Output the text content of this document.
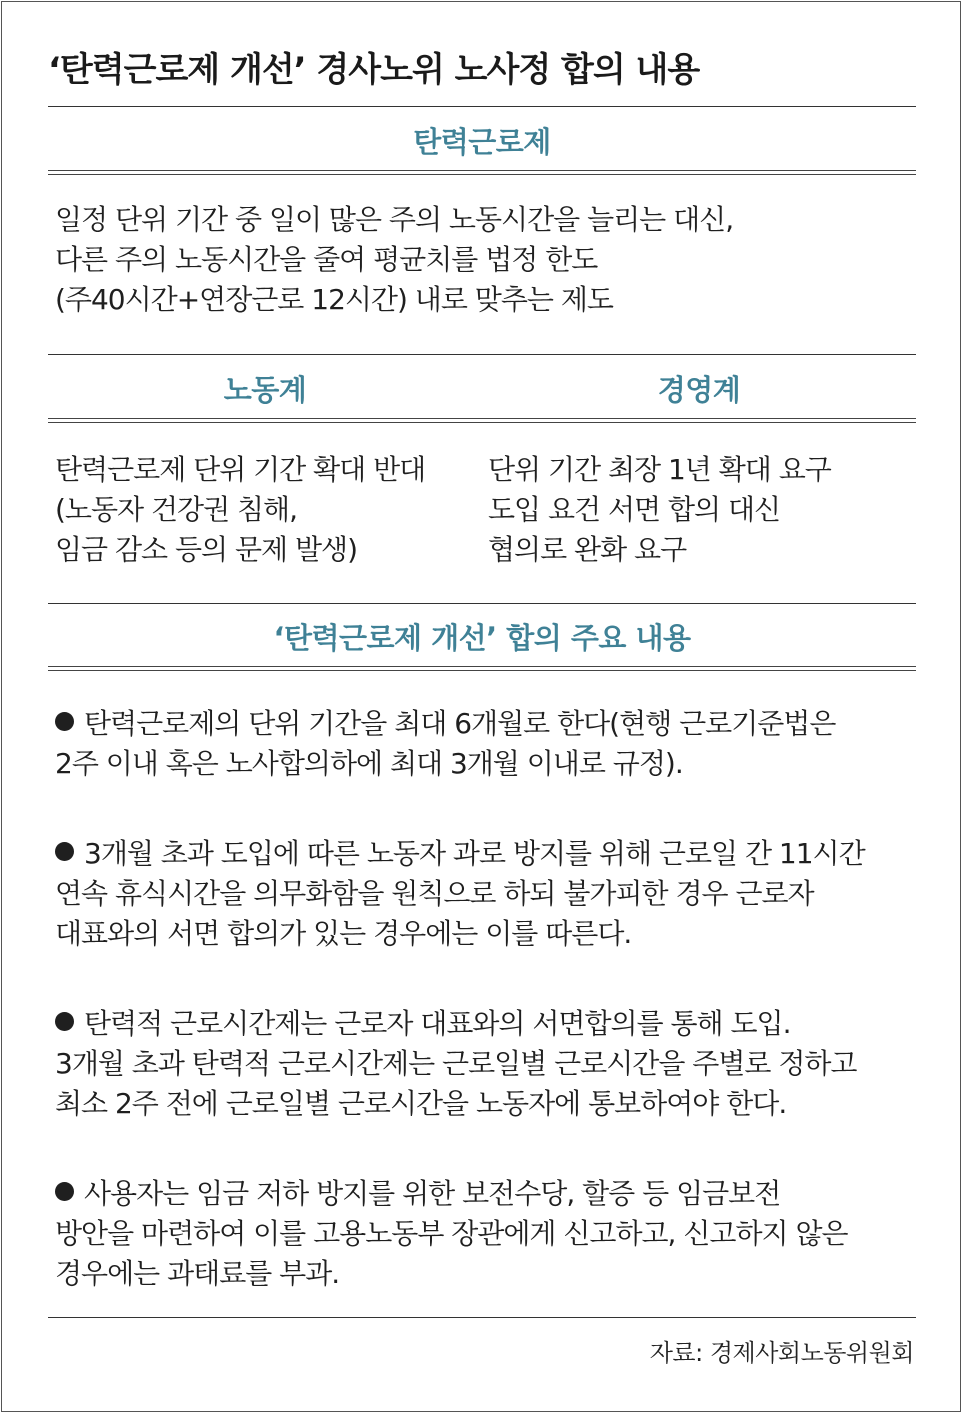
‘탄력근로제 개선’ 경사노위 노사정 합의 내용
탄력근로제
일정 단위 기간 중 일이 많은 주의 노동시간을 늘리는 대신,
다른 주의 노동시간을 줄여 평균치를 법정 한도
(주40시간+연장근로 12시간) 내로 맞추는 제도
노동계	경영계
탄력근로제 단위 기간 확대 반대
(노동자 건강권 침해,
임금 감소 등의 문제 발생)
단위 기간 최장 1년 확대 요구
도입 요건 서면 합의 대신
협의로 완화 요구
‘탄력근로제 개선’ 합의 주요 내용
탄력근로제의 단위 기간을 최대 6개월로 한다(현행 근로기준법은
2주 이내 혹은 노사합의하에 최대 3개월 이내로 규정).
3개월 초과 도입에 따른 노동자 과로 방지를 위해 근로일 간 11시간
연속 휴식시간을 의무화함을 원칙으로 하되 불가피한 경우 근로자
대표와의 서면 합의가 있는 경우에는 이를 따른다.
탄력적 근로시간제는 근로자 대표와의 서면합의를 통해 도입.
3개월 초과 탄력적 근로시간제는 근로일별 근로시간을 주별로 정하고
최소 2주 전에 근로일별 근로시간을 노동자에 통보하여야 한다.
사용자는 임금 저하 방지를 위한 보전수당, 할증 등 임금보전
방안을 마련하여 이를 고용노동부 장관에게 신고하고, 신고하지 않은
경우에는 과태료를 부과.
자료: 경제사회노동위원회
